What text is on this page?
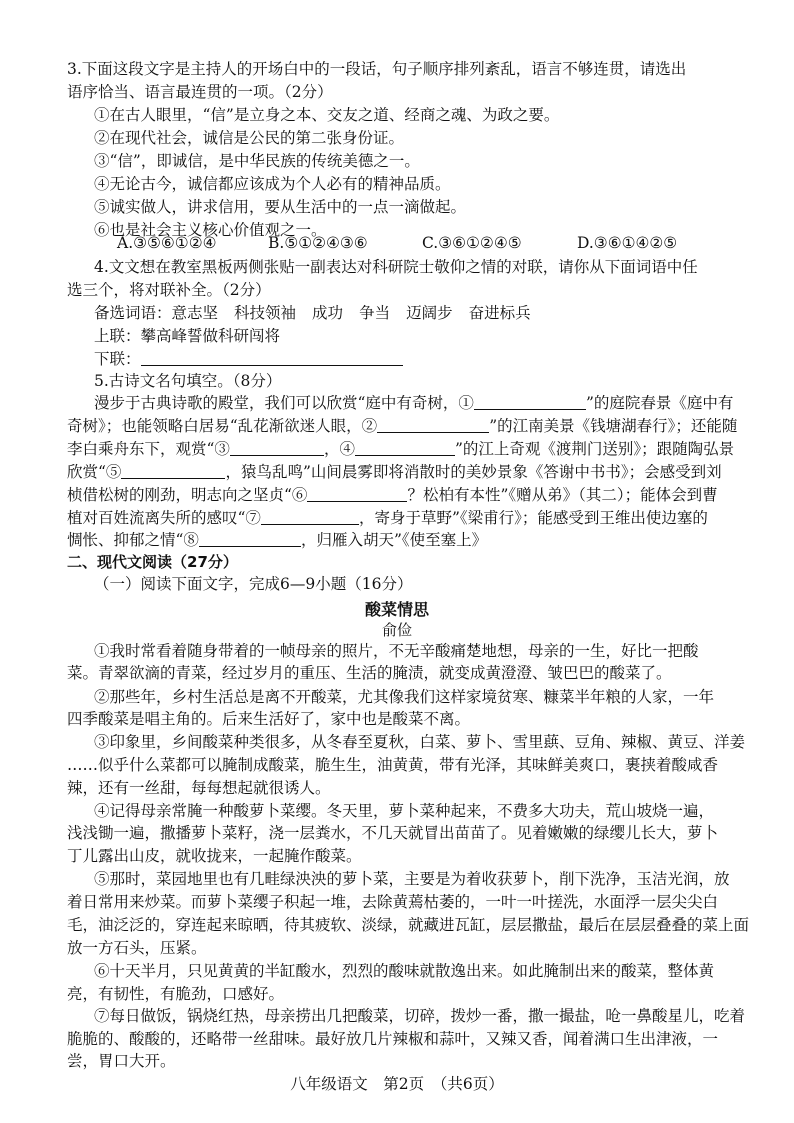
3.下面这段文字是主持人的开场白中的一段话，句子顺序排列紊乱，语言不够连贯，请选出
语序恰当、语言最连贯的一项。（2分）
①在古人眼里，“信”是立身之本、交友之道、经商之魂、为政之要。
②在现代社会，诚信是公民的第二张身份证。
③“信”，即诚信，是中华民族的传统美德之一。
④无论古今，诚信都应该成为个人必有的精神品质。
⑤诚实做人，讲求信用，要从生活中的一点一滴做起。
⑥也是社会主义核心价值观之一。
A.③⑤⑥①②④	B.⑤①②④③⑥	C.③⑥①②④⑤	D.③⑥①④②⑤
4.文文想在教室黑板两侧张贴一副表达对科研院士敬仰之情的对联，请你从下面词语中任
选三个，将对联补全。（2分）
备选词语：意志坚 科技领袖 成功 争当 迈阔步 奋进标兵
上联：攀高峰誓做科研闯将
下联：
5.古诗文名句填空。（8分）
漫步于古典诗歌的殿堂，我们可以欣赏“庭中有奇树，①	”的庭院春景《庭中有
奇树》；也能领略白居易“乱花渐欲迷人眼，②	”的江南美景《钱塘湖春行》；还能随
李白乘舟东下，观赏“③	，④	”的江上奇观《渡荆门送别》；跟随陶弘景
欣赏“⑤	，猿鸟乱鸣”山间晨雾即将消散时的美妙景象《答谢中书书》；会感受到刘
桢借松树的刚劲，明志向之坚贞“⑥	？松柏有本性”《赠从弟》（其二）；能体会到曹
植对百姓流离失所的感叹“⑦	，寄身于草野”《梁甫行》；能感受到王维出使边塞的
惆怅、抑郁之情“⑧	，归雁入胡天”《使至塞上》
二、现代文阅读（27分）
（一）阅读下面文字，完成6—9小题（16分）
酸菜情思
俞俭
①我时常看着随身带着的一帧母亲的照片，不无辛酸痛楚地想，母亲的一生，好比一把酸
菜。青翠欲滴的青菜，经过岁月的重压、生活的腌渍，就变成黄澄澄、皱巴巴的酸菜了。
②那些年，乡村生活总是离不开酸菜，尤其像我们这样家境贫寒、糠菜半年粮的人家，一年
四季酸菜是唱主角的。后来生活好了，家中也是酸菜不离。
③印象里，乡间酸菜种类很多，从冬春至夏秋，白菜、萝卜、雪里蕻、豆角、辣椒、黄豆、洋姜
……似乎什么菜都可以腌制成酸菜，脆生生，油黄黄，带有光泽，其味鲜美爽口，裹挟着酸咸香
辣，还有一丝甜，每每想起就很诱人。
④记得母亲常腌一种酸萝卜菜缨。冬天里，萝卜菜种起来，不费多大功夫，荒山坡烧一遍，
浅浅锄一遍，撒播萝卜菜籽，浇一层粪水，不几天就冒出苗苗了。见着嫩嫩的绿缨儿长大，萝卜
丁儿露出山皮，就收拢来，一起腌作酸菜。
⑤那时，菜园地里也有几畦绿泱泱的萝卜菜，主要是为着收获萝卜，削下洗净，玉洁光润，放
着日常用来炒菜。而萝卜菜缨子积起一堆，去除黄蔫枯萎的，一叶一叶搓洗，水面浮一层尖尖白
毛，油泛泛的，穿连起来晾晒，待其疲软、淡绿，就藏进瓦缸，层层撒盐，最后在层层叠叠的菜上面
放一方石头，压紧。
⑥十天半月，只见黄黄的半缸酸水，烈烈的酸味就散逸出来。如此腌制出来的酸菜，整体黄
亮，有韧性，有脆劲，口感好。
⑦每日做饭，锅烧红热，母亲捞出几把酸菜，切碎，拨炒一番，撒一撮盐，呛一鼻酸星儿，吃着
脆脆的、酸酸的，还略带一丝甜味。最好放几片辣椒和蒜叶，又辣又香，闻着满口生出津液，一
尝，胃口大开。
八年级语文　第2页　（共6页）
